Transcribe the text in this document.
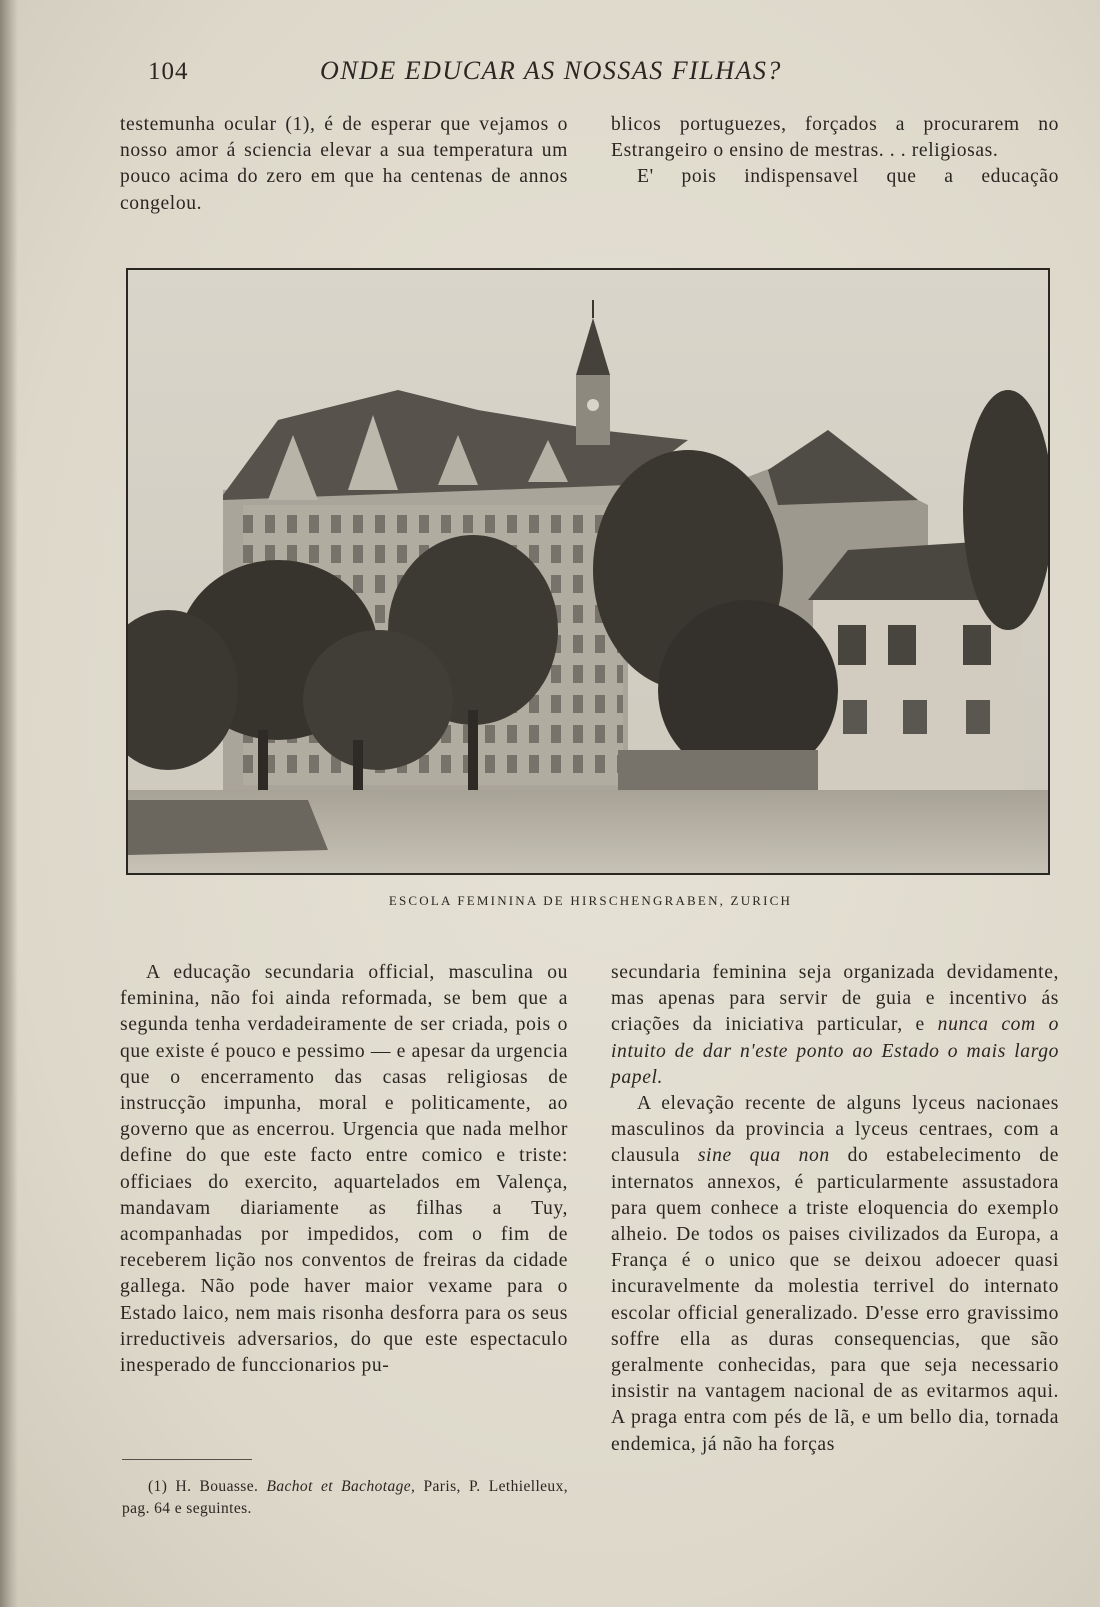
104	ONDE EDUCAR AS NOSSAS FILHAS?

testemunha ocular (1), é de esperar que vejamos o nosso amor á sciencia elevar a sua temperatura um pouco acima do zero em que ha centenas de annos congelou.

blicos portuguezes, forçados a procurarem no Estrangeiro o ensino de mestras. . . religiosas.

E' pois indispensavel que a educação

ESCOLA FEMININA DE HIRSCHENGRABEN, ZURICH

A educação secundaria official, masculina ou feminina, não foi ainda reformada, se bem que a segunda tenha verdadeiramente de ser criada, pois o que existe é pouco e pessimo — e apesar da urgencia que o encerramento das casas religiosas de instrucção impunha, moral e politicamente, ao governo que as encerrou. Urgencia que nada melhor define do que este facto entre comico e triste: officiaes do exercito, aquartelados em Valença, mandavam diariamente as filhas a Tuy, acompanhadas por impedidos, com o fim de receberem lição nos conventos de freiras da cidade gallega. Não pode haver maior vexame para o Estado laico, nem mais risonha desforra para os seus irreductiveis adversarios, do que este espectaculo inesperado de funccionarios pu-

secundaria feminina seja organizada devidamente, mas apenas para servir de guia e incentivo ás criações da iniciativa particular, e nunca com o intuito de dar n'este ponto ao Estado o mais largo papel.

A elevação recente de alguns lyceus nacionaes masculinos da provincia a lyceus centraes, com a clausula sine qua non do estabelecimento de internatos annexos, é particularmente assustadora para quem conhece a triste eloquencia do exemplo alheio. De todos os paises civilizados da Europa, a França é o unico que se deixou adoecer quasi incuravelmente da molestia terrivel do internato escolar official generalizado. D'esse erro gravissimo soffre ella as duras consequencias, que são geralmente conhecidas, para que seja necessario insistir na vantagem nacional de as evitarmos aqui. A praga entra com pés de lã, e um bello dia, tornada endemica, já não ha forças

(1) H. Bouasse. Bachot et Bachotage, Paris, P. Lethielleux, pag. 64 e seguintes.
